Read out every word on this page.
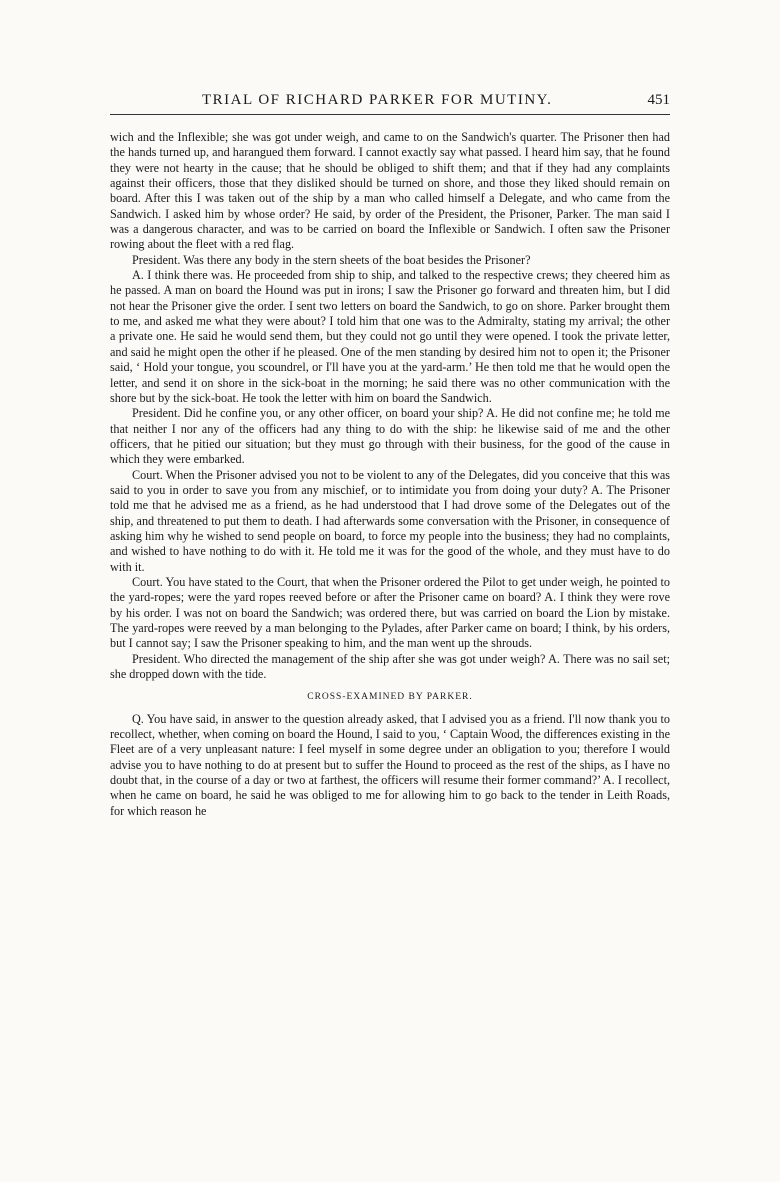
TRIAL OF RICHARD PARKER FOR MUTINY.	451

wich and the Inflexible; she was got under weigh, and came to on the Sandwich's quarter. The Prisoner then had the hands turned up, and harangued them forward. I cannot exactly say what passed. I heard him say, that he found they were not hearty in the cause; that he should be obliged to shift them; and that if they had any complaints against their officers, those that they disliked should be turned on shore, and those they liked should remain on board. After this I was taken out of the ship by a man who called himself a Delegate, and who came from the Sandwich. I asked him by whose order? He said, by order of the President, the Prisoner, Parker. The man said I was a dangerous character, and was to be carried on board the Inflexible or Sandwich. I often saw the Prisoner rowing about the fleet with a red flag.

President. Was there any body in the stern sheets of the boat besides the Prisoner?

A. I think there was. He proceeded from ship to ship, and talked to the respective crews; they cheered him as he passed. A man on board the Hound was put in irons; I saw the Prisoner go forward and threaten him, but I did not hear the Prisoner give the order. I sent two letters on board the Sandwich, to go on shore. Parker brought them to me, and asked me what they were about? I told him that one was to the Admiralty, stating my arrival; the other a private one. He said he would send them, but they could not go until they were opened. I took the private letter, and said he might open the other if he pleased. One of the men standing by desired him not to open it; the Prisoner said, ‘ Hold your tongue, you scoundrel, or I'll have you at the yard-arm.’ He then told me that he would open the letter, and send it on shore in the sick-boat in the morning; he said there was no other communication with the shore but by the sick-boat. He took the letter with him on board the Sandwich.

President. Did he confine you, or any other officer, on board your ship? A. He did not confine me; he told me that neither I nor any of the officers had any thing to do with the ship: he likewise said of me and the other officers, that he pitied our situation; but they must go through with their business, for the good of the cause in which they were embarked.

Court. When the Prisoner advised you not to be violent to any of the Delegates, did you conceive that this was said to you in order to save you from any mischief, or to intimidate you from doing your duty? A. The Prisoner told me that he advised me as a friend, as he had understood that I had drove some of the Delegates out of the ship, and threatened to put them to death. I had afterwards some conversation with the Prisoner, in consequence of asking him why he wished to send people on board, to force my people into the business; they had no complaints, and wished to have nothing to do with it. He told me it was for the good of the whole, and they must have to do with it.

Court. You have stated to the Court, that when the Prisoner ordered the Pilot to get under weigh, he pointed to the yard-ropes; were the yard ropes reeved before or after the Prisoner came on board? A. I think they were rove by his order. I was not on board the Sandwich; was ordered there, but was carried on board the Lion by mistake. The yard-ropes were reeved by a man belonging to the Pylades, after Parker came on board; I think, by his orders, but I cannot say; I saw the Prisoner speaking to him, and the man went up the shrouds.

President. Who directed the management of the ship after she was got under weigh? A. There was no sail set; she dropped down with the tide.

CROSS-EXAMINED BY PARKER.

Q. You have said, in answer to the question already asked, that I advised you as a friend. I'll now thank you to recollect, whether, when coming on board the Hound, I said to you, ‘ Captain Wood, the differences existing in the Fleet are of a very unpleasant nature: I feel myself in some degree under an obligation to you; therefore I would advise you to have nothing to do at present but to suffer the Hound to proceed as the rest of the ships, as I have no doubt that, in the course of a day or two at farthest, the officers will resume their former command?’ A. I recollect, when he came on board, he said he was obliged to me for allowing him to go back to the tender in Leith Roads, for which reason he
